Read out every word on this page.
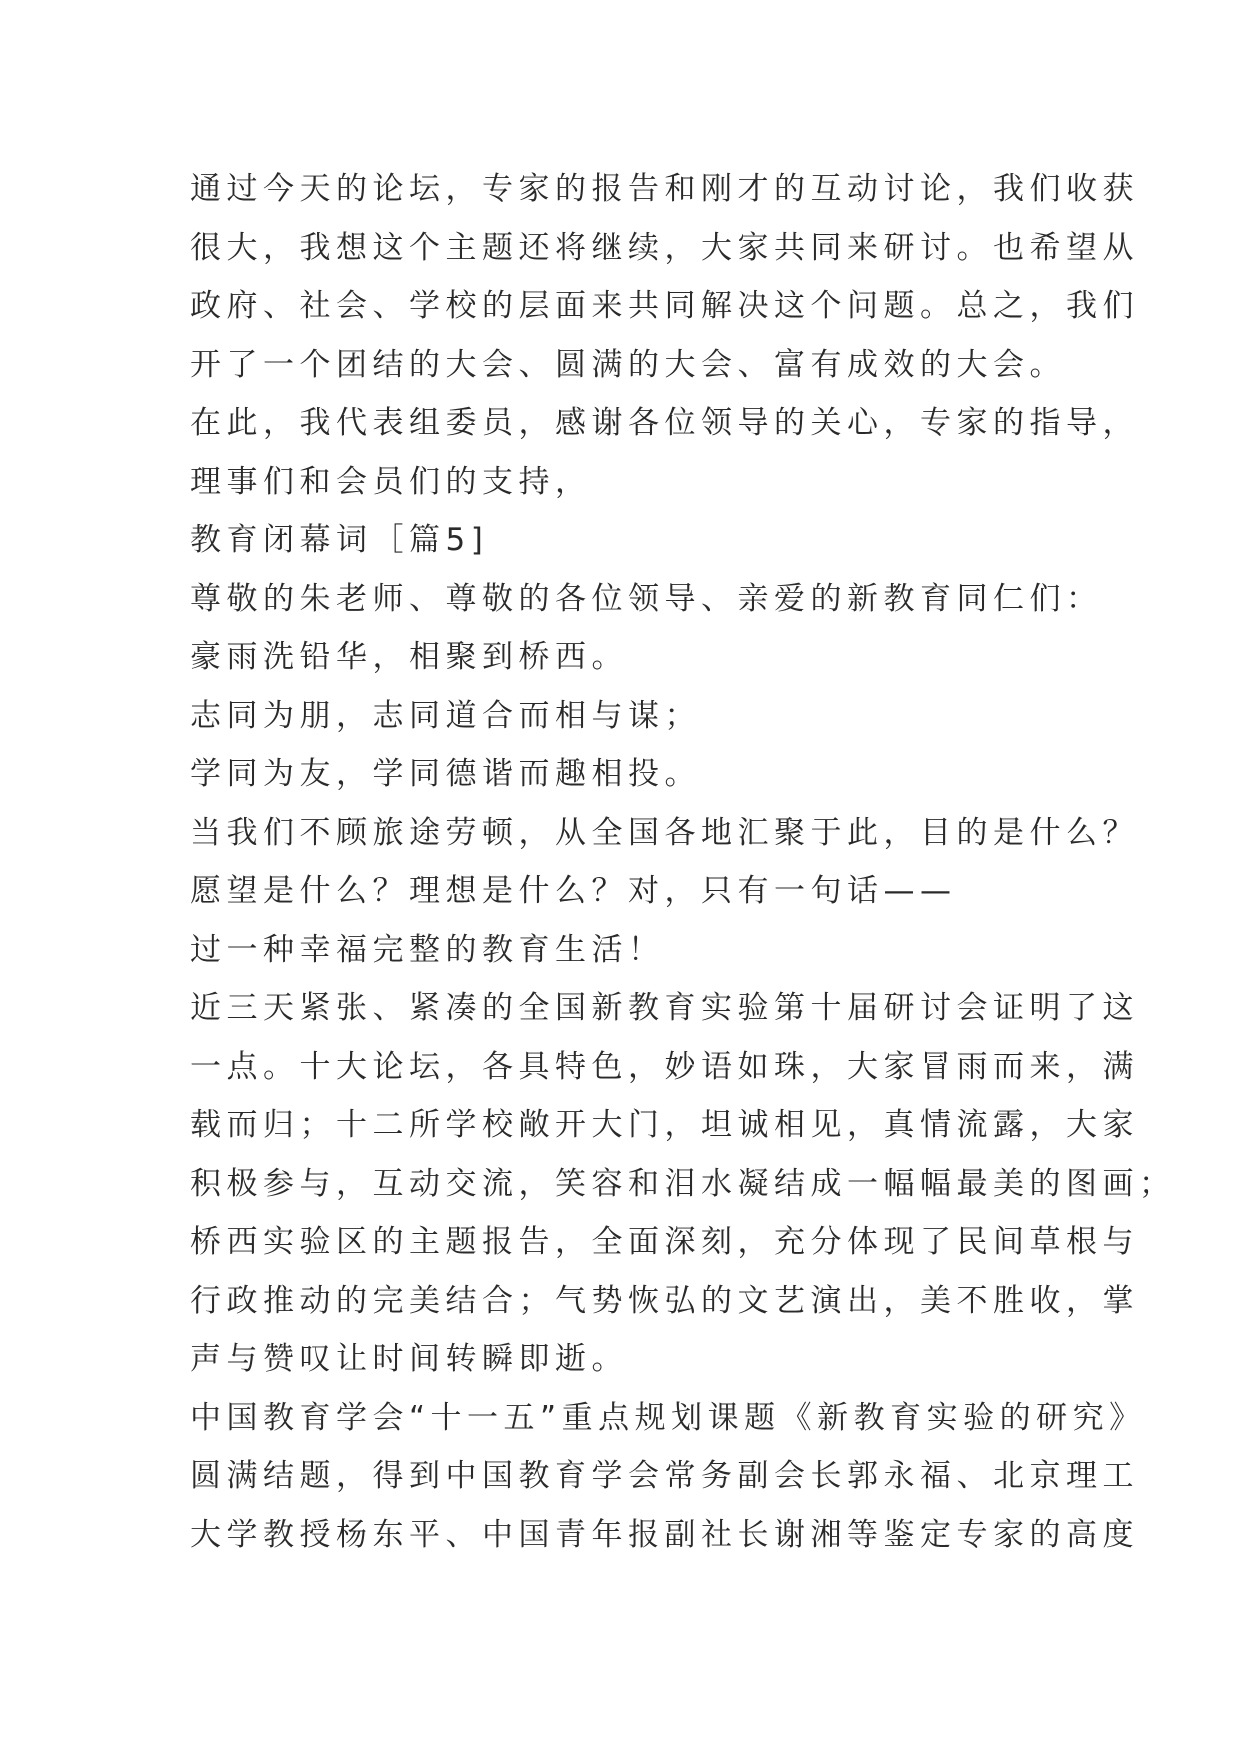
通过今天的论坛，专家的报告和刚才的互动讨论，我们收获
很大，我想这个主题还将继续，大家共同来研讨。也希望从
政府、社会、学校的层面来共同解决这个问题。总之，我们
开了一个团结的大会、圆满的大会、富有成效的大会。
在此，我代表组委员，感谢各位领导的关心，专家的指导，
理事们和会员们的支持，
教育闭幕词［篇5]
尊敬的朱老师、尊敬的各位领导、亲爱的新教育同仁们：
豪雨洗铅华，相聚到桥西。
志同为朋，志同道合而相与谋；
学同为友，学同德谐而趣相投。
当我们不顾旅途劳顿，从全国各地汇聚于此，目的是什么？
愿望是什么？理想是什么？对，只有一句话——
过一种幸福完整的教育生活！
近三天紧张、紧凑的全国新教育实验第十届研讨会证明了这
一点。十大论坛，各具特色，妙语如珠，大家冒雨而来，满
载而归；十二所学校敞开大门，坦诚相见，真情流露，大家
积极参与，互动交流，笑容和泪水凝结成一幅幅最美的图画；
桥西实验区的主题报告，全面深刻，充分体现了民间草根与
行政推动的完美结合；气势恢弘的文艺演出，美不胜收，掌
声与赞叹让时间转瞬即逝。
中国教育学会“十一五”重点规划课题《新教育实验的研究》
圆满结题，得到中国教育学会常务副会长郭永福、北京理工
大学教授杨东平、中国青年报副社长谢湘等鉴定专家的高度
